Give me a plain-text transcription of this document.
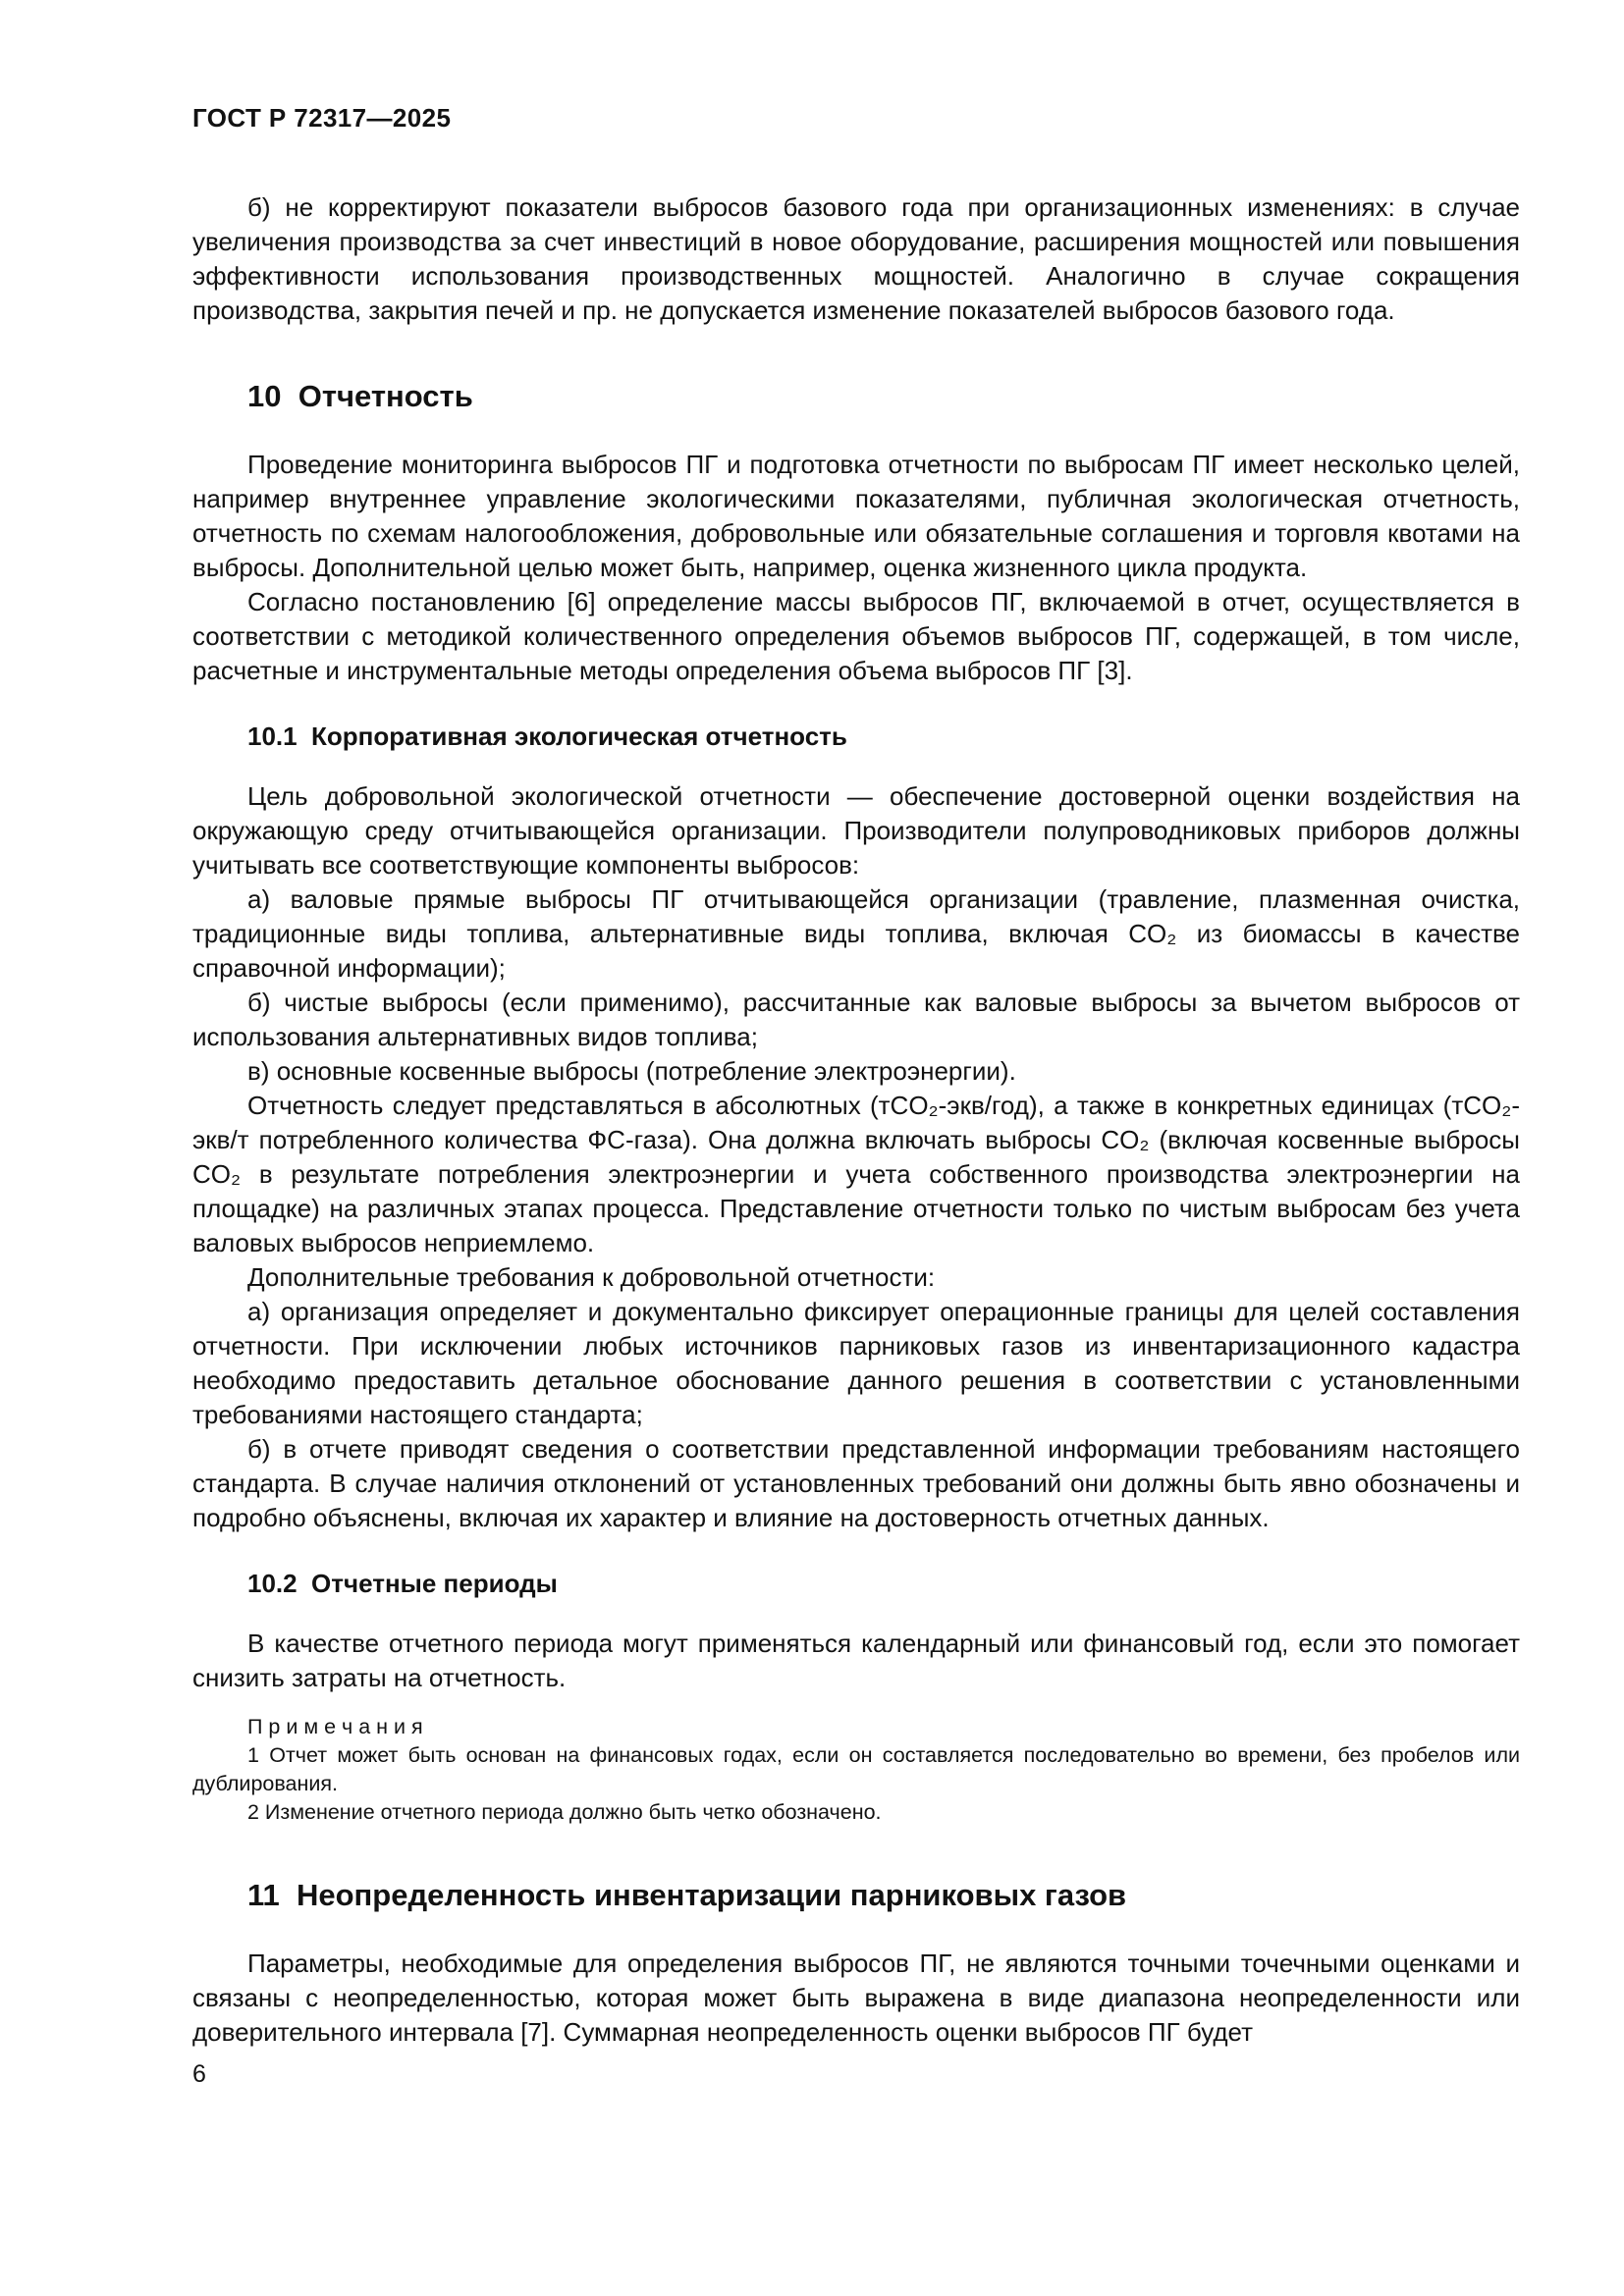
ГОСТ Р 72317—2025

б) не корректируют показатели выбросов базового года при организационных изменениях: в случае увеличения производства за счет инвестиций в новое оборудование, расширения мощностей или повышения эффективности использования производственных мощностей. Аналогично в случае сокращения производства, закрытия печей и пр. не допускается изменение показателей выбросов базового года.

10  Отчетность

Проведение мониторинга выбросов ПГ и подготовка отчетности по выбросам ПГ имеет несколько целей, например внутреннее управление экологическими показателями, публичная экологическая отчетность, отчетность по схемам налогообложения, добровольные или обязательные соглашения и торговля квотами на выбросы. Дополнительной целью может быть, например, оценка жизненного цикла продукта.

Согласно постановлению [6] определение массы выбросов ПГ, включаемой в отчет, осуществляется в соответствии с методикой количественного определения объемов выбросов ПГ, содержащей, в том числе, расчетные и инструментальные методы определения объема выбросов ПГ [3].

10.1  Корпоративная экологическая отчетность

Цель добровольной экологической отчетности — обеспечение достоверной оценки воздействия на окружающую среду отчитывающейся организации. Производители полупроводниковых приборов должны учитывать все соответствующие компоненты выбросов:

а) валовые прямые выбросы ПГ отчитывающейся организации (травление, плазменная очистка, традиционные виды топлива, альтернативные виды топлива, включая CO₂ из биомассы в качестве справочной информации);

б) чистые выбросы (если применимо), рассчитанные как валовые выбросы за вычетом выбросов от использования альтернативных видов топлива;

в) основные косвенные выбросы (потребление электроэнергии).

Отчетность следует представляться в абсолютных (тCO₂-экв/год), а также в конкретных единицах (тCO₂-экв/т потребленного количества ФС-газа). Она должна включать выбросы CO₂ (включая косвенные выбросы CO₂ в результате потребления электроэнергии и учета собственного производства электроэнергии на площадке) на различных этапах процесса. Представление отчетности только по чистым выбросам без учета валовых выбросов неприемлемо.

Дополнительные требования к добровольной отчетности:

а) организация определяет и документально фиксирует операционные границы для целей составления отчетности. При исключении любых источников парниковых газов из инвентаризационного кадастра необходимо предоставить детальное обоснование данного решения в соответствии с установленными требованиями настоящего стандарта;

б) в отчете приводят сведения о соответствии представленной информации требованиям настоящего стандарта. В случае наличия отклонений от установленных требований они должны быть явно обозначены и подробно объяснены, включая их характер и влияние на достоверность отчетных данных.

10.2  Отчетные периоды

В качестве отчетного периода могут применяться календарный или финансовый год, если это помогает снизить затраты на отчетность.

П р и м е ч а н и я

1 Отчет может быть основан на финансовых годах, если он составляется последовательно во времени, без пробелов или дублирования.

2 Изменение отчетного периода должно быть четко обозначено.

11  Неопределенность инвентаризации парниковых газов

Параметры, необходимые для определения выбросов ПГ, не являются точными точечными оценками и связаны с неопределенностью, которая может быть выражена в виде диапазона неопределенности или доверительного интервала [7]. Суммарная неопределенность оценки выбросов ПГ будет

6
